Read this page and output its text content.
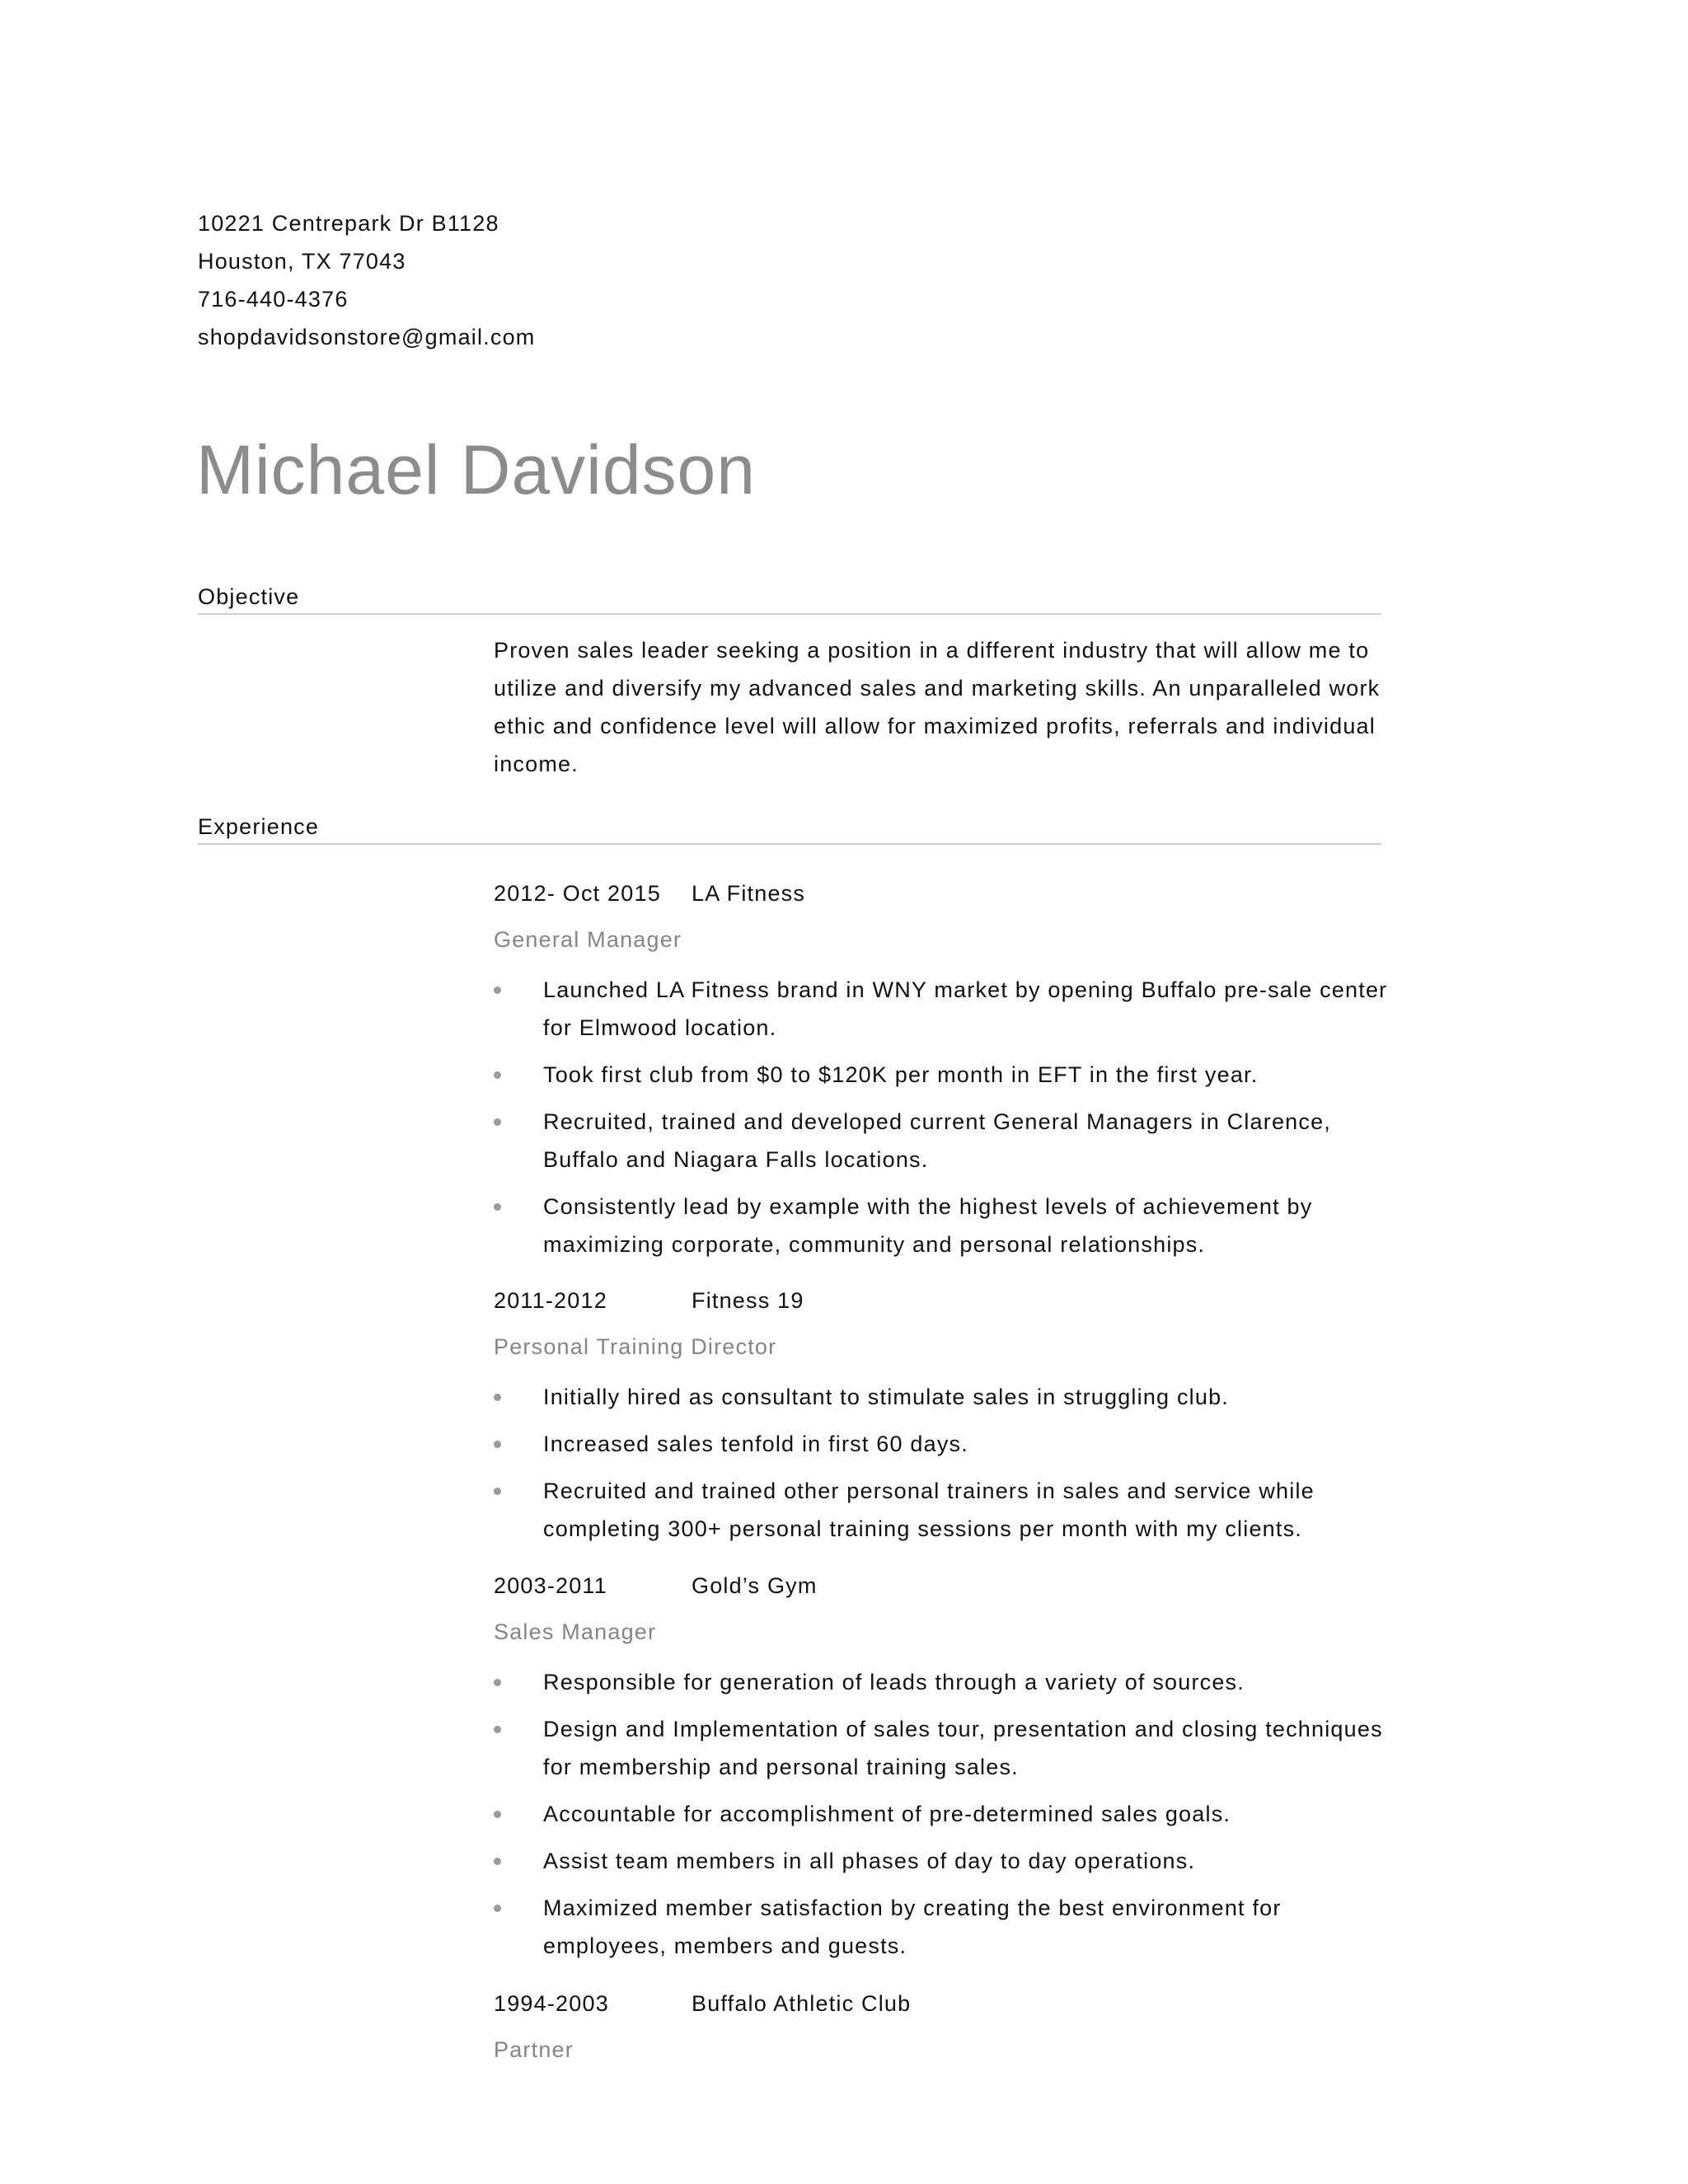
10221 Centrepark Dr B1128
Houston, TX 77043
716-440-4376
shopdavidsonstore@gmail.com
Michael Davidson
Objective
Proven sales leader seeking a position in a different industry that will allow me to utilize and diversify my advanced sales and marketing skills. An unparalleled work ethic and confidence level will allow for maximized profits, referrals and individual income.
Experience
2012- Oct 2015 LA Fitness
General Manager
Launched LA Fitness brand in WNY market by opening Buffalo pre-sale center for Elmwood location.
Took first club from $0 to $120K per month in EFT in the first year.
Recruited, trained and developed current General Managers in Clarence, Buffalo and Niagara Falls locations.
Consistently lead by example with the highest levels of achievement by maximizing corporate, community and personal relationships.
2011-2012	Fitness 19
Personal Training Director
Initially hired as consultant to stimulate sales in struggling club.
Increased sales tenfold in first 60 days.
Recruited and trained other personal trainers in sales and service while completing 300+ personal training sessions per month with my clients.
2003-2011	Gold’s Gym
Sales Manager
Responsible for generation of leads through a variety of sources.
Design and Implementation of sales tour, presentation and closing techniques for membership and personal training sales.
Accountable for accomplishment of pre-determined sales goals.
Assist team members in all phases of day to day operations.
Maximized member satisfaction by creating the best environment for employees, members and guests.
1994-2003	Buffalo Athletic Club
Partner
